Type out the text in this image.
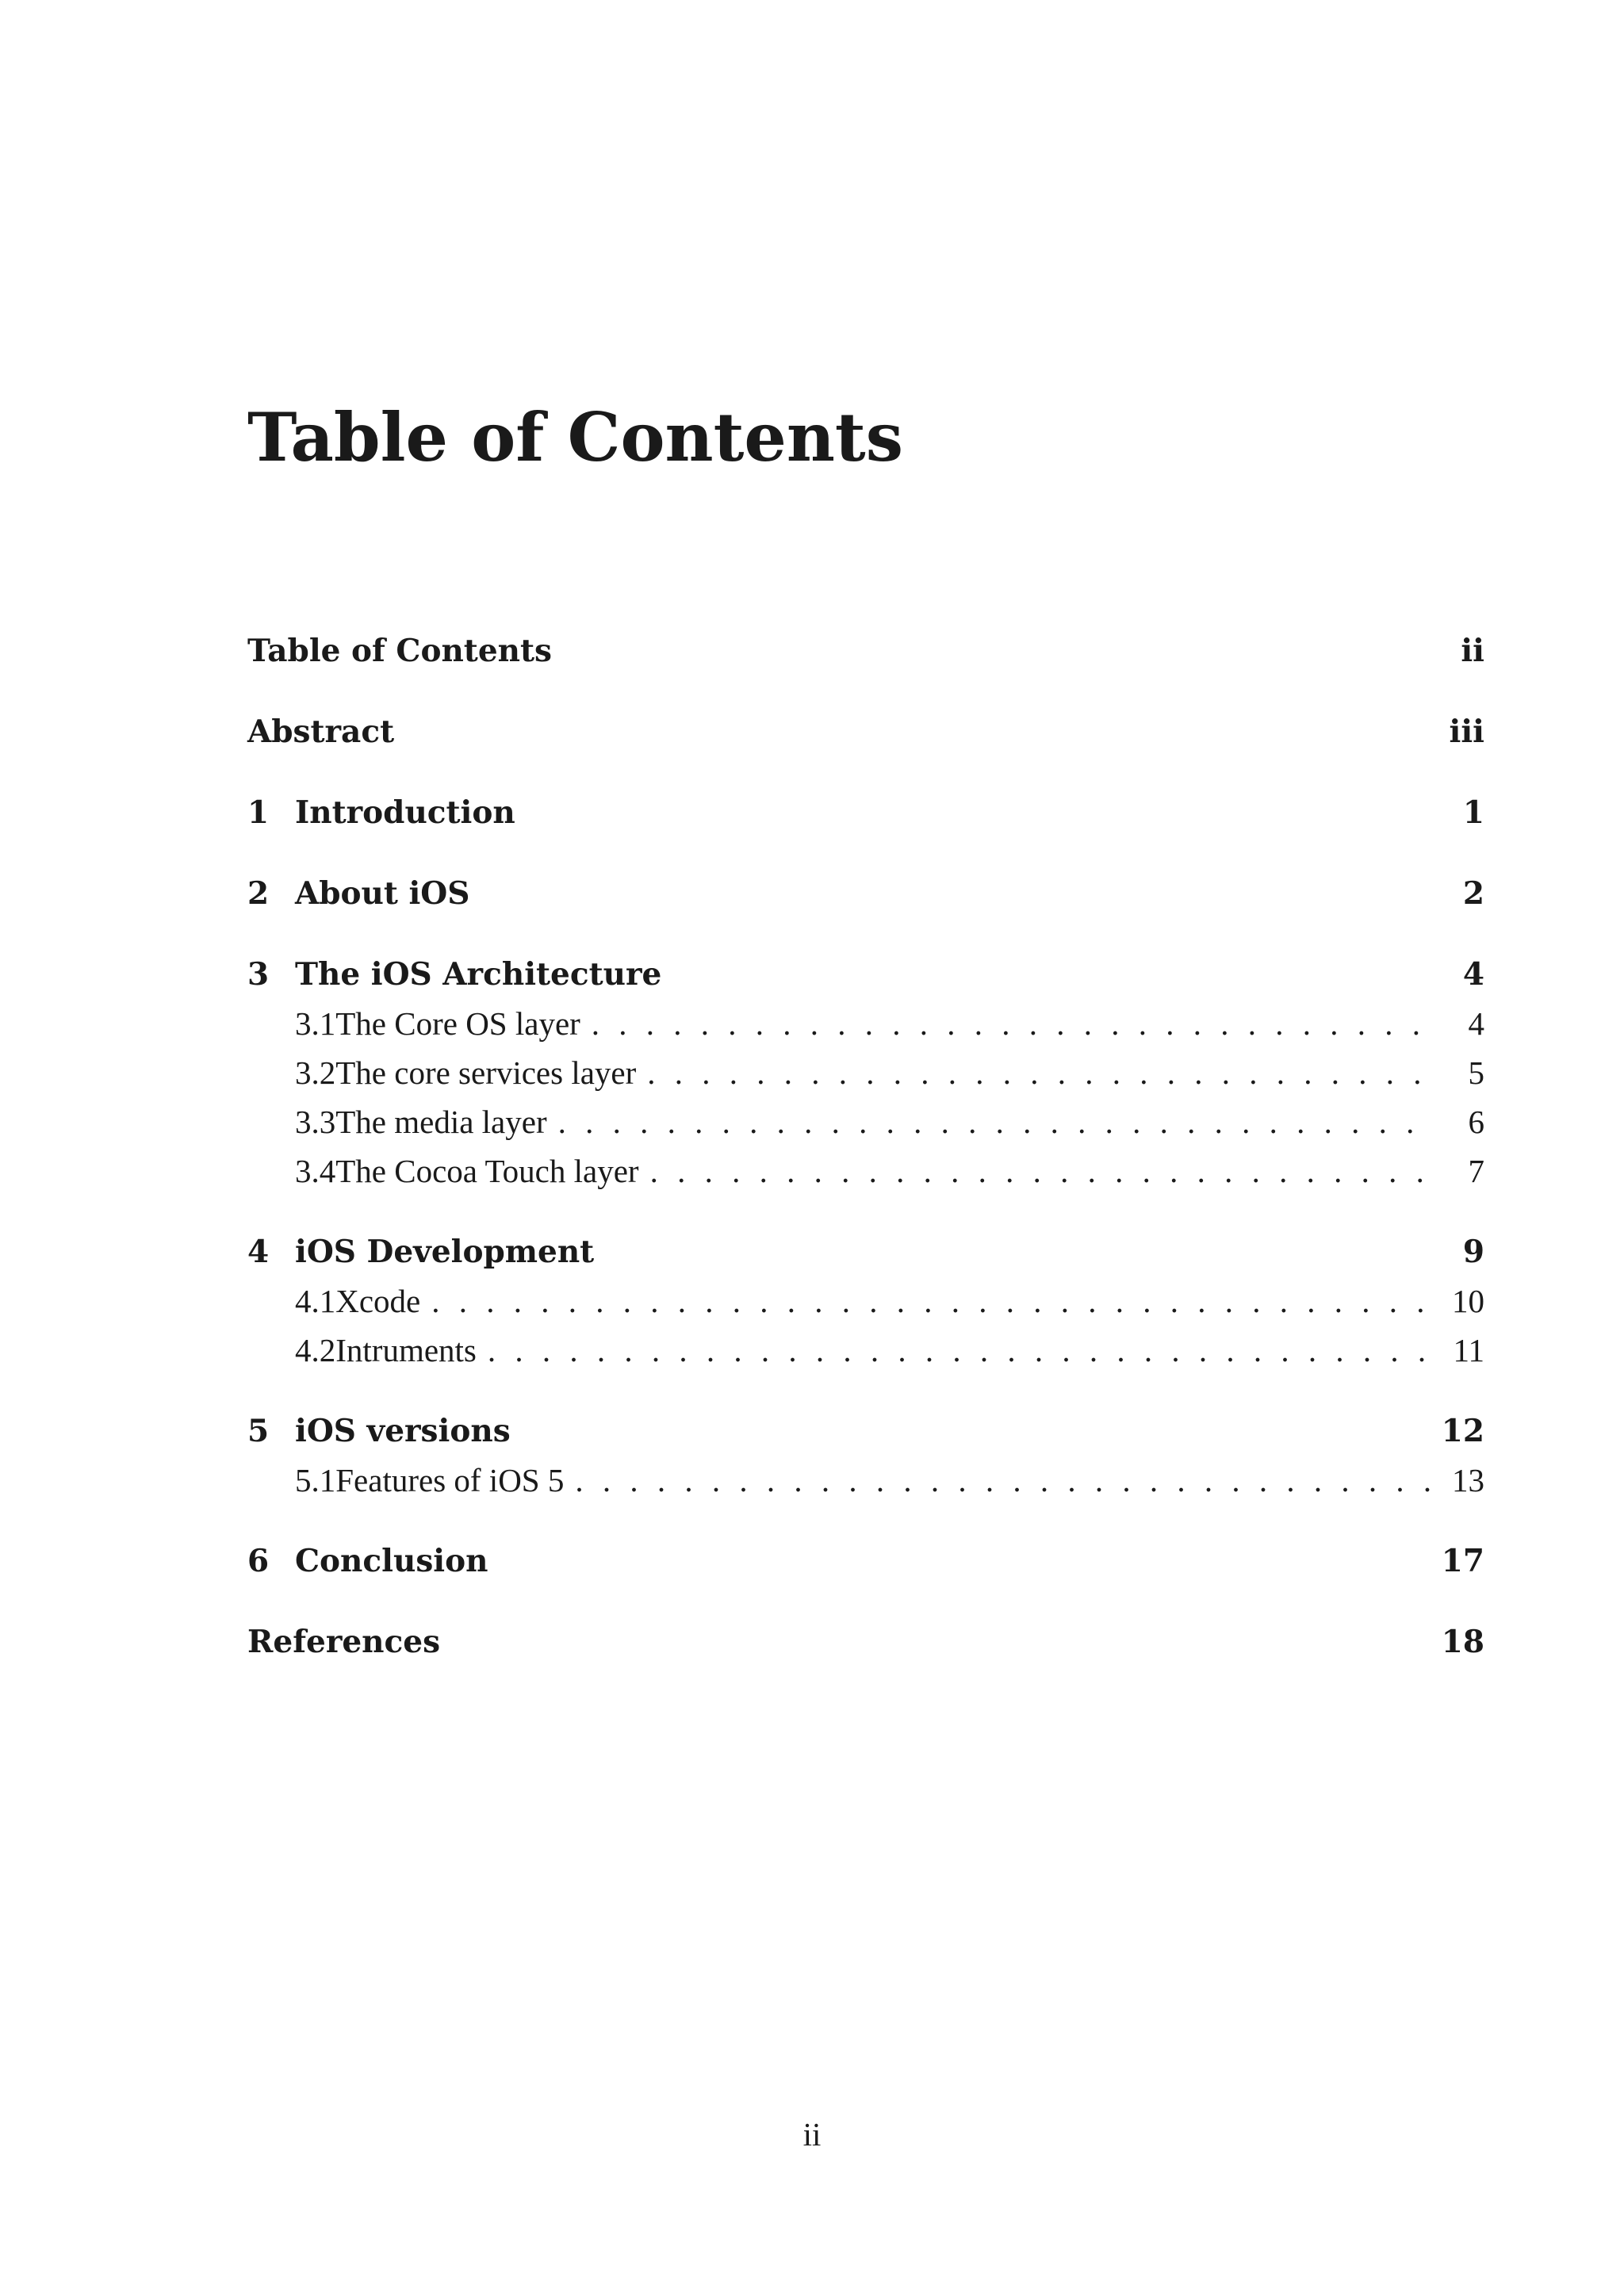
Table of Contents
Table of Contents	ii
Abstract	iii
1 Introduction	1
2 About iOS	2
3 The iOS Architecture	4
3.1 The Core OS layer . . .	4
3.2 The core services layer . . .	5
3.3 The media layer . . .	6
3.4 The Cocoa Touch layer . . .	7
4 iOS Development	9
4.1 Xcode . . .	10
4.2 Intruments . . .	11
5 iOS versions	12
5.1 Features of iOS 5 . . .	13
6 Conclusion	17
References	18
ii
